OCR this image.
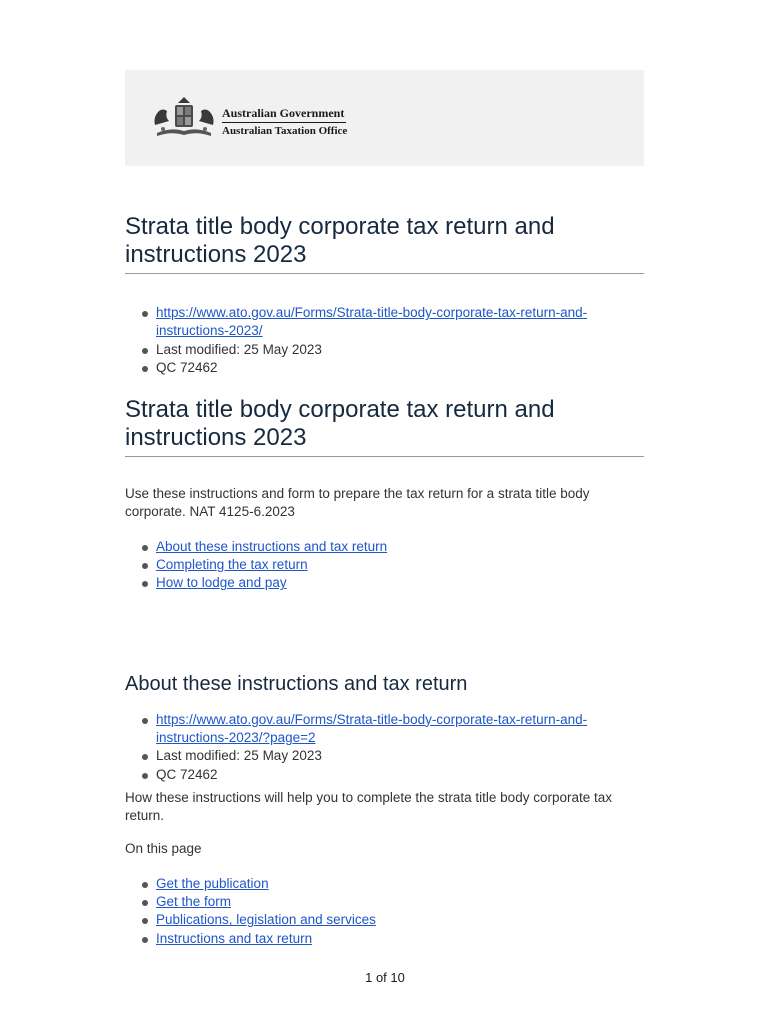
Australian Government
Australian Taxation Office
Strata title body corporate tax return and instructions 2023
https://www.ato.gov.au/Forms/Strata-title-body-corporate-tax-return-and-instructions-2023/
Last modified: 25 May 2023
QC 72462
Strata title body corporate tax return and instructions 2023

Use these instructions and form to prepare the tax return for a strata title body corporate. NAT 4125-6.2023

About these instructions and tax return
Completing the tax return
How to lodge and pay
About these instructions and tax return
https://www.ato.gov.au/Forms/Strata-title-body-corporate-tax-return-and-instructions-2023/?page=2
Last modified: 25 May 2023
QC 72462

How these instructions will help you to complete the strata title body corporate tax return.

On this page

Get the publication
Get the form
Publications, legislation and services
Instructions and tax return
1 of 10
